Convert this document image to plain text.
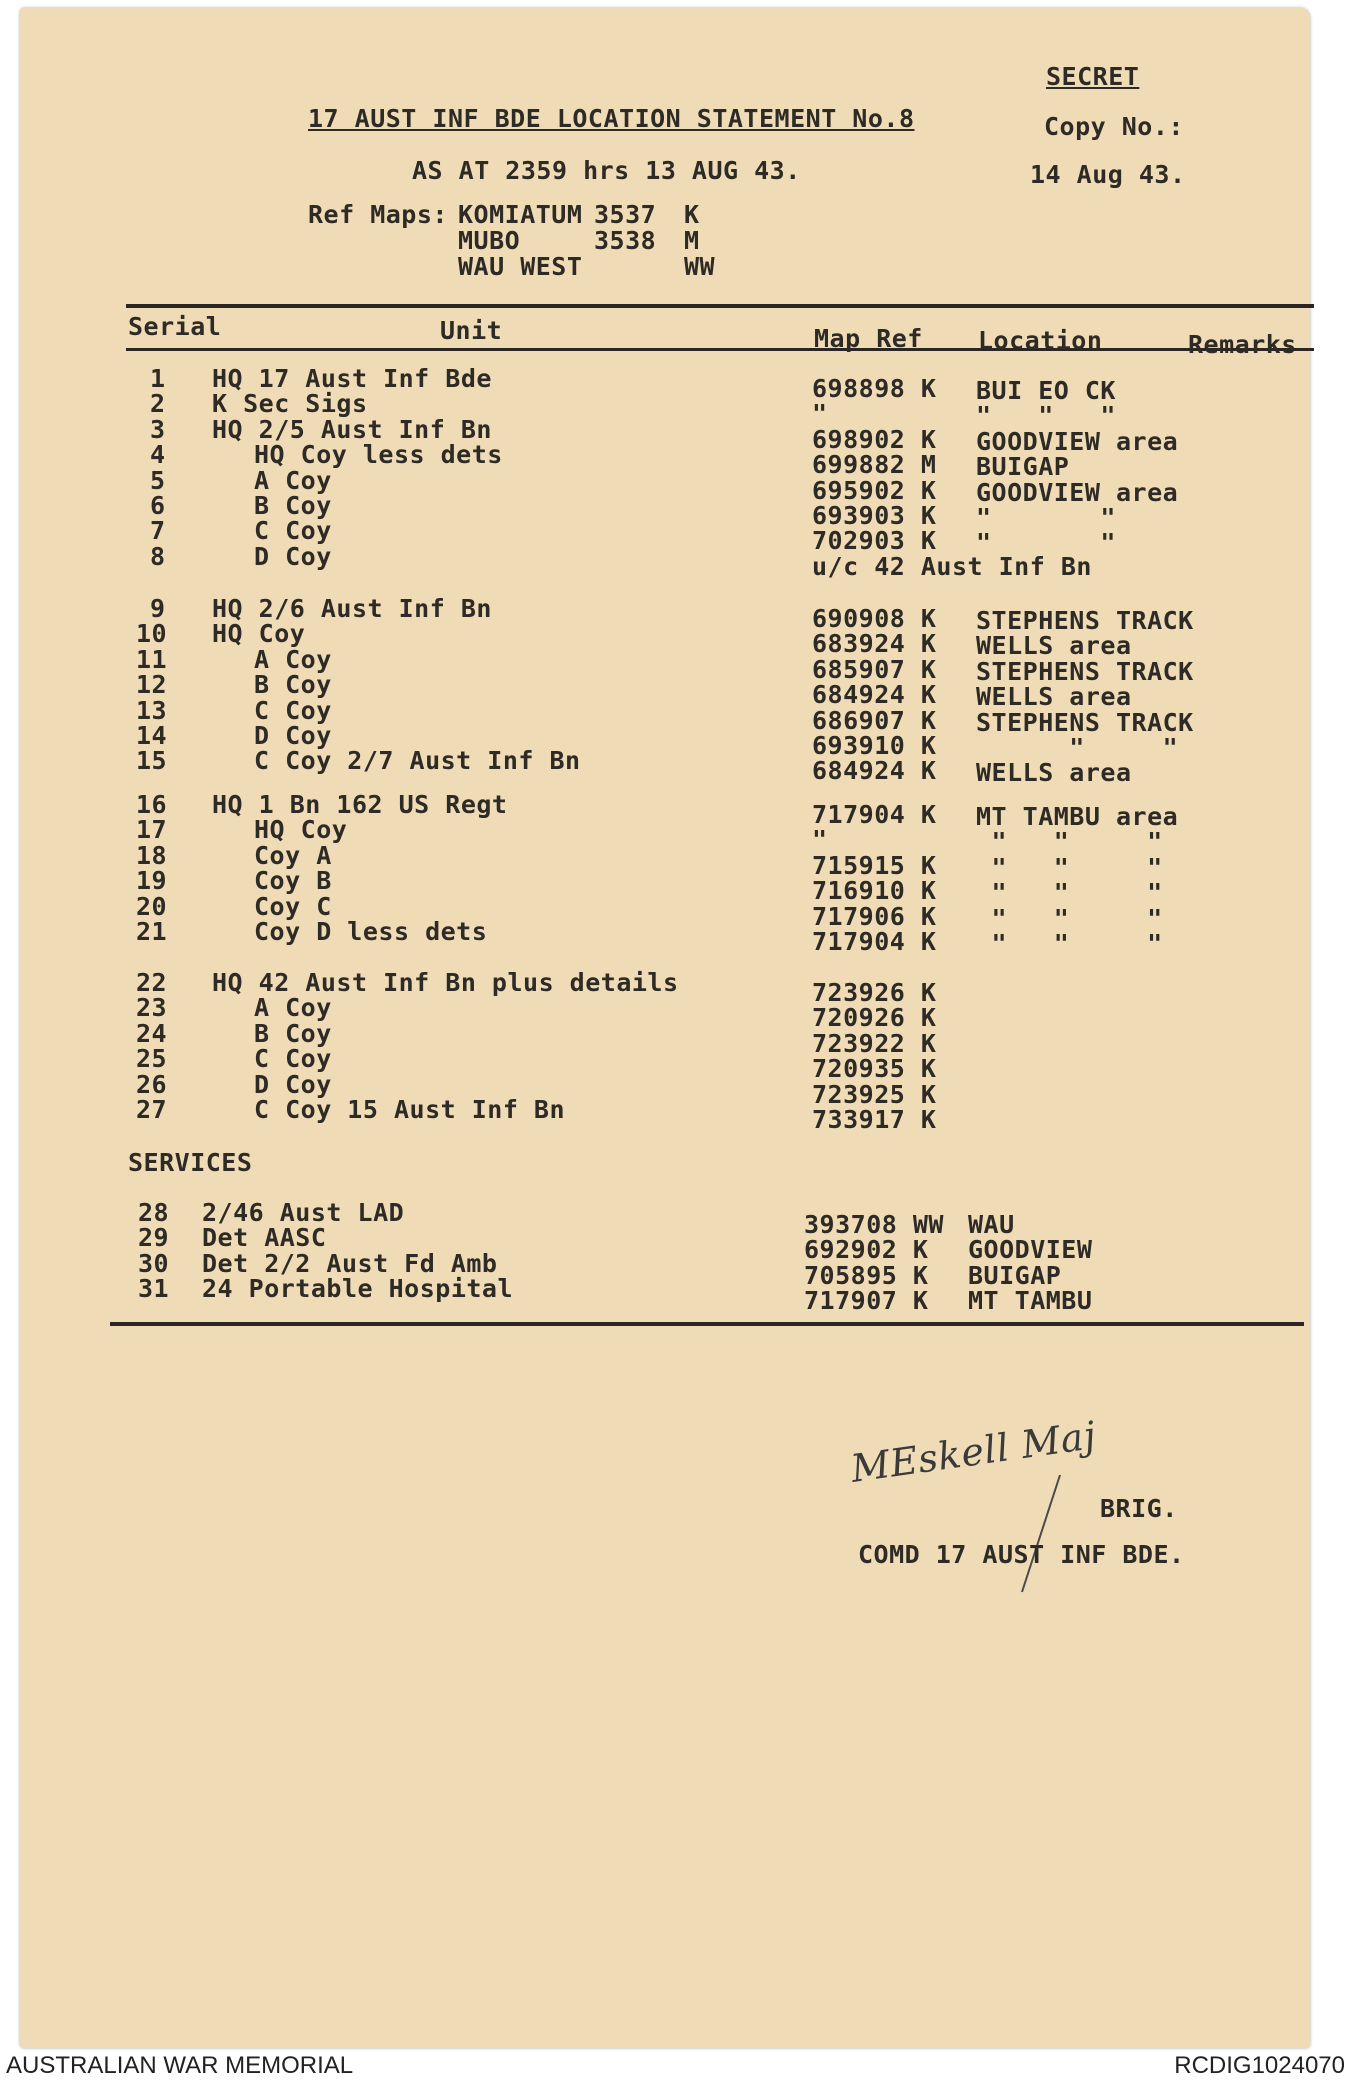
SECRET
17 AUST INF BDE LOCATION STATEMENT No.8	Copy No.:
AS AT 2359 hrs 13 AUG 43.	14 Aug 43.
Ref Maps: KOMIATUM 3537 K
MUBO	3538 M
WAU WEST	WW
Serial	Unit	Map Ref Location	Remarks
1 HQ 17 Aust Inf Bde	698898 K BUI EO CK
2 K Sec Sigs	"	"   "   "
3 HQ 2/5 Aust Inf Bn	698902 K GOODVIEW area
4	HQ Coy less dets	699882 M BUIGAP
5	A Coy	695902 K GOODVIEW area
6	B Coy	693903 K "       "
7	C Coy	702903 K "       "
8	D Coy	u/c 42 Aust Inf Bn
9 HQ 2/6 Aust Inf Bn	690908 K STEPHENS TRACK
10 HQ Coy	683924 K WELLS area
11	A Coy	685907 K STEPHENS TRACK
12	B Coy	684924 K WELLS area
13	C Coy	686907 K STEPHENS TRACK
14	D Coy	693910 K "     "
15	C Coy 2/7 Aust Inf Bn	684924 K WELLS area
16 HQ 1 Bn 162 US Regt	717904 K MT TAMBU area
17	HQ Coy	"	"   "     "
18	Coy A	715915 K "   "     "
19	Coy B	716910 K "   "     "
20	Coy C	717906 K "   "     "
21	Coy D less dets	717904 K "   "     "
22 HQ 42 Aust Inf Bn plus details	723926 K
23	A Coy	720926 K
24	B Coy	723922 K
25	C Coy	720935 K
26	D Coy	723925 K
27	C Coy 15 Aust Inf Bn	733917 K
SERVICES
28 2/46 Aust LAD	393708 WW WAU
29 Det AASC	692902 K GOODVIEW
30 Det 2/2 Aust Fd Amb	705895 K BUIGAP
31 24 Portable Hospital	717907 K MT TAMBU
MEskell Maj
BRIG.
COMD 17 AUST INF BDE.
AUSTRALIAN WAR MEMORIAL	RCDIG1024070
